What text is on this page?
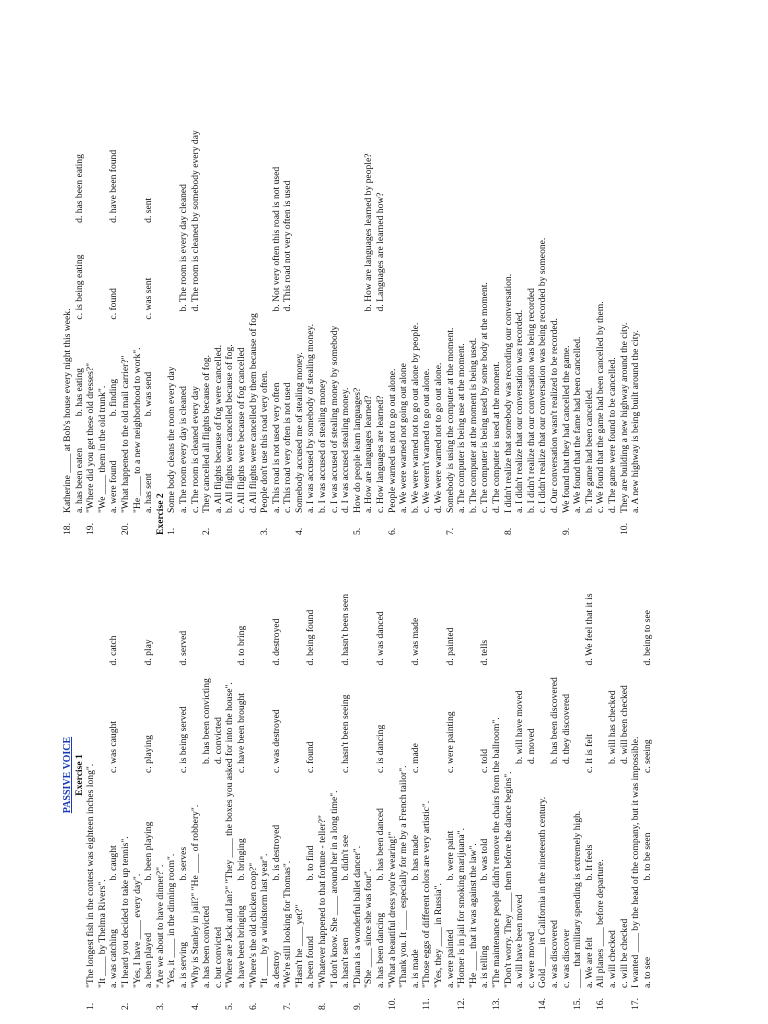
PASSIVE VOICE Exercise 1
1.
"The longest fish in the contest was eighteen inches long". "It ____ by Thelma Rivers". a. was catching
b. caught
c. was caught
d. catch
2.
"I heard you decided to take up tennis". "Yes, I have ____ every day". a. been played
b. been playing
c. playing
d. play
3.
"Are we about to have dinner?". "Yes, it ____ in the dinning room". a. is serving
b. serves
c. is being served
d. served
4.
"Why is Stanley in jail?" "He ____ of robbery". a. has been convicted
b. has been convicting
c. but convicted
d. convicted
5.
"Where are Jack and Ian?" "They ____ the boxes you asked for into the house". a. have been bringing
b. bringing
c. have been brought
d. to bring
6.
"Where's the old chicken coop?" "It ____ by a windstorm last year". a. destroy
b. is destroyed
c. was destroyed
d. destroyed
7.
"We're still looking for Thomas". "Hasn't he ____ yet?" a. been found
b. to find
c. found
d. being found
8.
"Whatever happened to that fortune - teller?" "I don't know. She ____ around her in a long time". a. hasn't seen
b. didn't see
c. hasn't been seeing
d. hasn't been seen
9.
"Diana is a wonderful ballet dancer". "She ____ since she was four". a. has been dancing
b. has been danced
c. is dancing
d. was danced
10.
"What a beautiful dress you're wearing!" "Thank you. It ____ especially for me by a French tailor". a. is made
b. has made
c. made
d. was made
11.
"Those eggs of different colors are very artistic". "Yes, they ____ in Russia". a. were painted
b. were paint
c. were painting
d. painted
12.
"Homer is in jail for smoking marijuana". "He ____ that it was against the law". a. is telling
b. was told
c. told
d. tells
13.
"The maintenance people didn't remove the chairs from the ballroom". "Don't worry. They ____ them before the dance begins". a. will have been moved
b. will have moved
c. were moved
d. moved
14.
Gold ____ in California in the nineteenth century. a. was discovered
b. has been discovered
c. was discover
d. they discovered
15.
____ that military spending is extremely high. a. We are felt
b. It feels
c. It is felt
d. We feel that it is
16.
All planes ____ before departure. a. will checked
b. will has checked
c. will be checked
d. will been checked
17.
I wanted ____ by the head of the company, but it was impossible. a. to see
b. to be seen
c. seeing
d. being to see
18.
Katherine ____ at Bob's house every night this week. a. has been eaten
b. has eating
c. is being eating
d. has been eating
19.
"Where did you get these old dresses?" "We ____ them in the old trunk". a. were found
b. finding
c. found
d. have been found
20.
"What happened to the old mail carrier?" "He ____ to a new neighborhood to work". a. has sent
b. was send
c. was sent
d. sent
Exercise 2 1.
Some body cleans the room every day a. The room every day is cleaned
b. The room is every day cleaned
c. The room is cleaned every day
d. The room is cleaned by somebody every day
2.
They cancelled all flights because of fog. a. All flights because of fog were cancelled. b. All flights were cancelled because of fog. c. All flights were because of fog cancelled d. All flights were cancelled by them because of fog
3.
People don't use this road very often. a. This road is not used very often
b. Not very often this road is not used
c. This road very often is not used
d. This road not very often is used
4.
Somebody accused me of stealing money. a. I was accused by somebody of stealing money. b. I was accused of stealing money c. I was accused of stealing money by somebody d. I was accused stealing money.
5.
How do people learn languages? a. How are languages learned?
b. How are languages learned by people?
c. How languages are learned?
d. Languages are learned how?
6.
People warned us not to go out alone. a. We were warned not going out alone b. We were warned not to go out alone by people. c. We weren't warned to go out alone. d. We were warned not to go out alone.
7.
Somebody is using the computer at the moment. a. The computer is being use at the moment. b. The computer at the moment is being used. c. The computer is being used by some body at the moment. d. The computer is used at the moment.
8.
I didn't realize that somebody was recording our conversation. a. I didn't realize that our conversation was recorded. b. I didn't realize that our conversation was being recorded c. I didn't realize that our conversation was being recorded by someone. d. Our conversation wasn't realized to be recorded.
9.
We found that they had cancelled the game. a. We found that the fame had been cancelled. b. The game had been cancelled. c. We found that the game had been cancelled by them. d. The game were found to be cancelled.
10.
They are building a new highway around the city. a. A new highway is being built around the city.
